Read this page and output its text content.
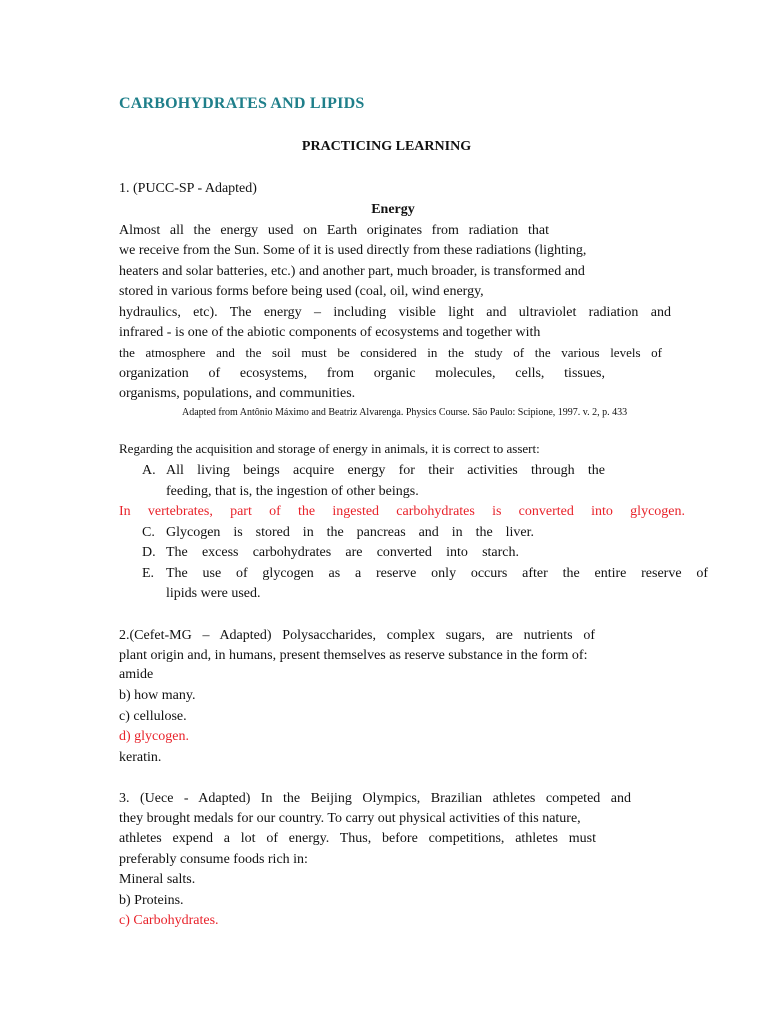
CARBOHYDRATES AND LIPIDS
PRACTICING LEARNING
1. (PUCC-SP - Adapted)
Energy
Almost all the energy used on Earth originates from radiation that
we receive from the Sun. Some of it is used directly from these radiations (lighting,
heaters and solar batteries, etc.) and another part, much broader, is transformed and
stored in various forms before being used (coal, oil, wind energy,
hydraulics, etc). The energy – including visible light and ultraviolet radiation and
infrared - is one of the abiotic components of ecosystems and together with
the atmosphere and the soil must be considered in the study of the various levels of
organization of ecosystems, from organic molecules, cells, tissues,
organisms, populations, and communities.
Adapted from Antônio Máximo and Beatriz Alvarenga. Physics Course. São Paulo: Scipione, 1997. v. 2, p. 433
Regarding the acquisition and storage of energy in animals, it is correct to assert:
A. All living beings acquire energy for their activities through the
feeding, that is, the ingestion of other beings.
In vertebrates, part of the ingested carbohydrates is converted into glycogen.
C. Glycogen is stored in the pancreas and in the liver.
D. The excess carbohydrates are converted into starch.
E. The use of glycogen as a reserve only occurs after the entire reserve of
lipids were used.
2.(Cefet-MG – Adapted) Polysaccharides, complex sugars, are nutrients of
plant origin and, in humans, present themselves as reserve substance in the form of:
amide
b) how many.
c) cellulose.
d) glycogen.
keratin.
3. (Uece - Adapted) In the Beijing Olympics, Brazilian athletes competed and
they brought medals for our country. To carry out physical activities of this nature,
athletes expend a lot of energy. Thus, before competitions, athletes must
preferably consume foods rich in:
Mineral salts.
b) Proteins.
c) Carbohydrates.
